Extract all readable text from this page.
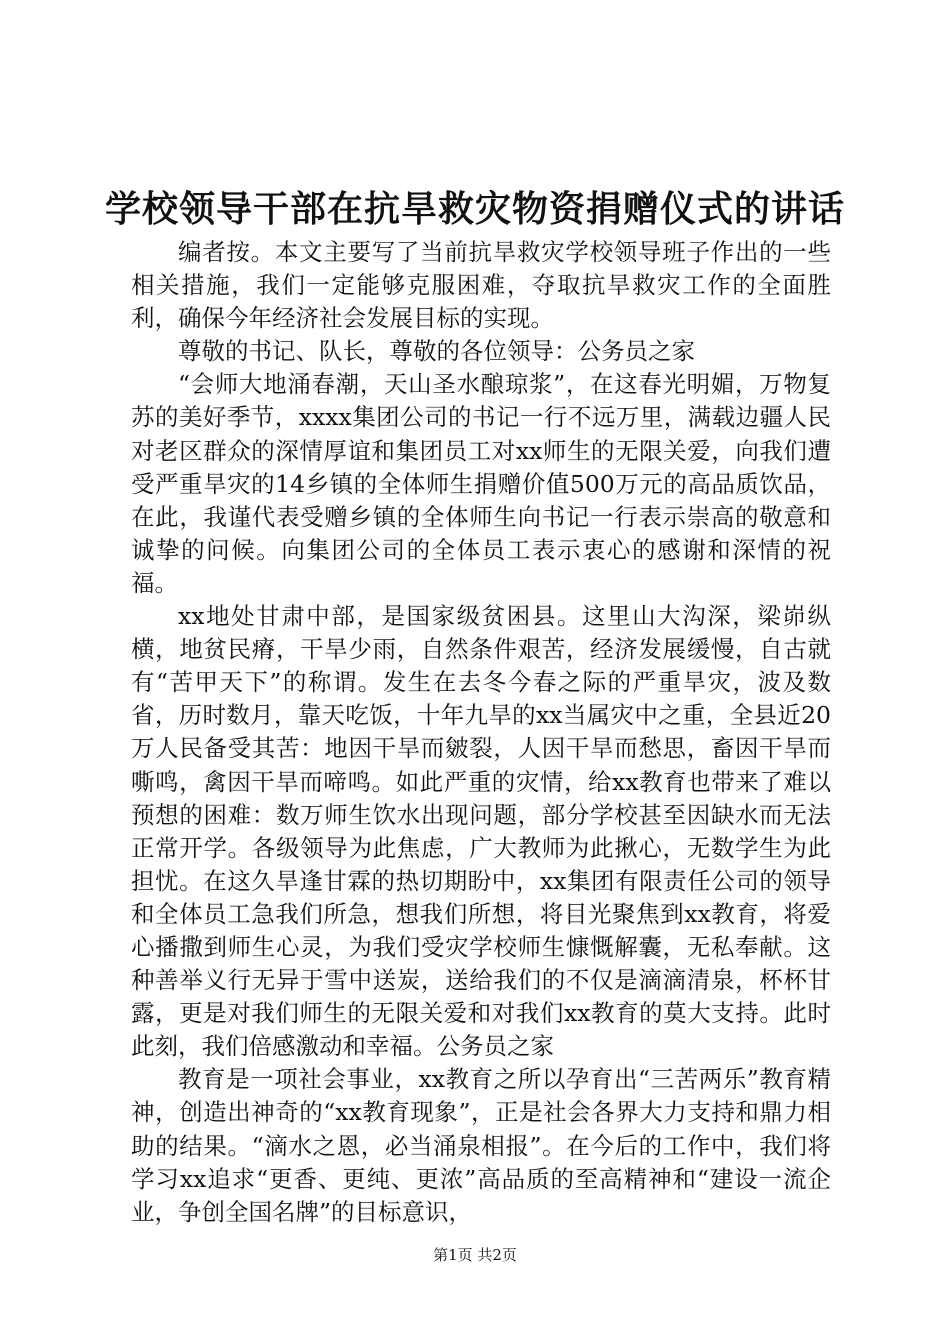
学校领导干部在抗旱救灾物资捐赠仪式的讲话

编者按。本文主要写了当前抗旱救灾学校领导班子作出的一些相关措施，我们一定能够克服困难，夺取抗旱救灾工作的全面胜利，确保今年经济社会发展目标的实现。

尊敬的书记、队长，尊敬的各位领导：公务员之家

“会师大地涌春潮，天山圣水酿琼浆”，在这春光明媚，万物复苏的美好季节，xxxx集团公司的书记一行不远万里，满载边疆人民对老区群众的深情厚谊和集团员工对xx师生的无限关爱，向我们遭受严重旱灾的14乡镇的全体师生捐赠价值500万元的高品质饮品，在此，我谨代表受赠乡镇的全体师生向书记一行表示崇高的敬意和诚挚的问候。向集团公司的全体员工表示衷心的感谢和深情的祝福。

xx地处甘肃中部，是国家级贫困县。这里山大沟深，梁峁纵横，地贫民瘠，干旱少雨，自然条件艰苦，经济发展缓慢，自古就有“苦甲天下”的称谓。发生在去冬今春之际的严重旱灾，波及数省，历时数月，靠天吃饭，十年九旱的xx当属灾中之重，全县近20万人民备受其苦：地因干旱而皴裂，人因干旱而愁思，畜因干旱而嘶鸣，禽因干旱而啼鸣。如此严重的灾情，给xx教育也带来了难以预想的困难：数万师生饮水出现问题，部分学校甚至因缺水而无法正常开学。各级领导为此焦虑，广大教师为此揪心，无数学生为此担忧。在这久旱逢甘霖的热切期盼中，xx集团有限责任公司的领导和全体员工急我们所急，想我们所想，将目光聚焦到xx教育，将爱心播撒到师生心灵，为我们受灾学校师生慷慨解囊，无私奉献。这种善举义行无异于雪中送炭，送给我们的不仅是滴滴清泉，杯杯甘露，更是对我们师生的无限关爱和对我们xx教育的莫大支持。此时此刻，我们倍感激动和幸福。公务员之家

教育是一项社会事业，xx教育之所以孕育出“三苦两乐”教育精神，创造出神奇的“xx教育现象”，正是社会各界大力支持和鼎力相助的结果。“滴水之恩，必当涌泉相报”。在今后的工作中，我们将学习xx追求“更香、更纯、更浓”高品质的至高精神和“建设一流企业，争创全国名牌”的目标意识，

第1页 共2页
